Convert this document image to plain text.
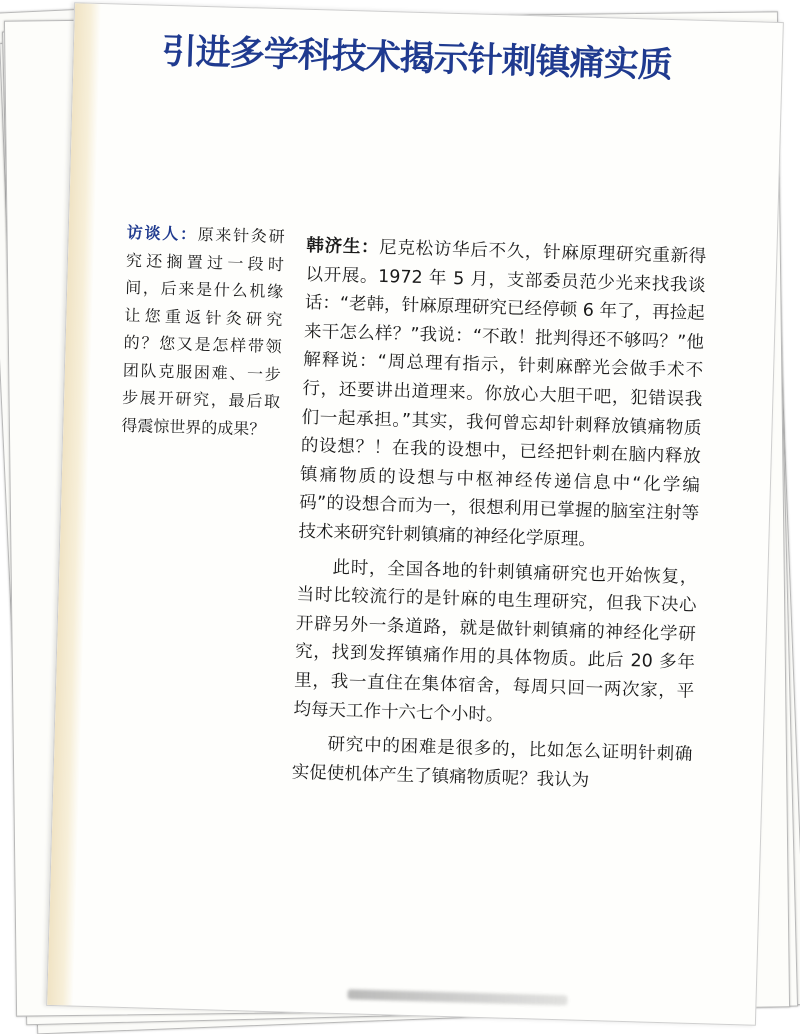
引进多学科技术揭示针刺镇痛实质
访谈人：原来针灸研究还搁置过一段时间，后来是什么机缘让您重返针灸研究的？您又是怎样带领团队克服困难、一步步展开研究，最后取得震惊世界的成果？

韩济生：尼克松访华后不久，针麻原理研究重新得以开展。1972 年 5 月，支部委员范少光来找我谈话：“老韩，针麻原理研究已经停顿 6 年了，再捡起来干怎么样？”我说：“不敢！批判得还不够吗？”他解释说：“周总理有指示，针刺麻醉光会做手术不行，还要讲出道理来。你放心大胆干吧，犯错误我们一起承担。”其实，我何曾忘却针刺释放镇痛物质的设想？！在我的设想中，已经把针刺在脑内释放镇痛物质的设想与中枢神经传递信息中“化学编码”的设想合而为一，很想利用已掌握的脑室注射等技术来研究针刺镇痛的神经化学原理。

此时，全国各地的针刺镇痛研究也开始恢复，当时比较流行的是针麻的电生理研究，但我下决心开辟另外一条道路，就是做针刺镇痛的神经化学研究，找到发挥镇痛作用的具体物质。此后 20 多年里，我一直住在集体宿舍，每周只回一两次家，平均每天工作十六七个小时。

研究中的困难是很多的，比如怎么证明针刺确实促使机体产生了镇痛物质呢？我认为
